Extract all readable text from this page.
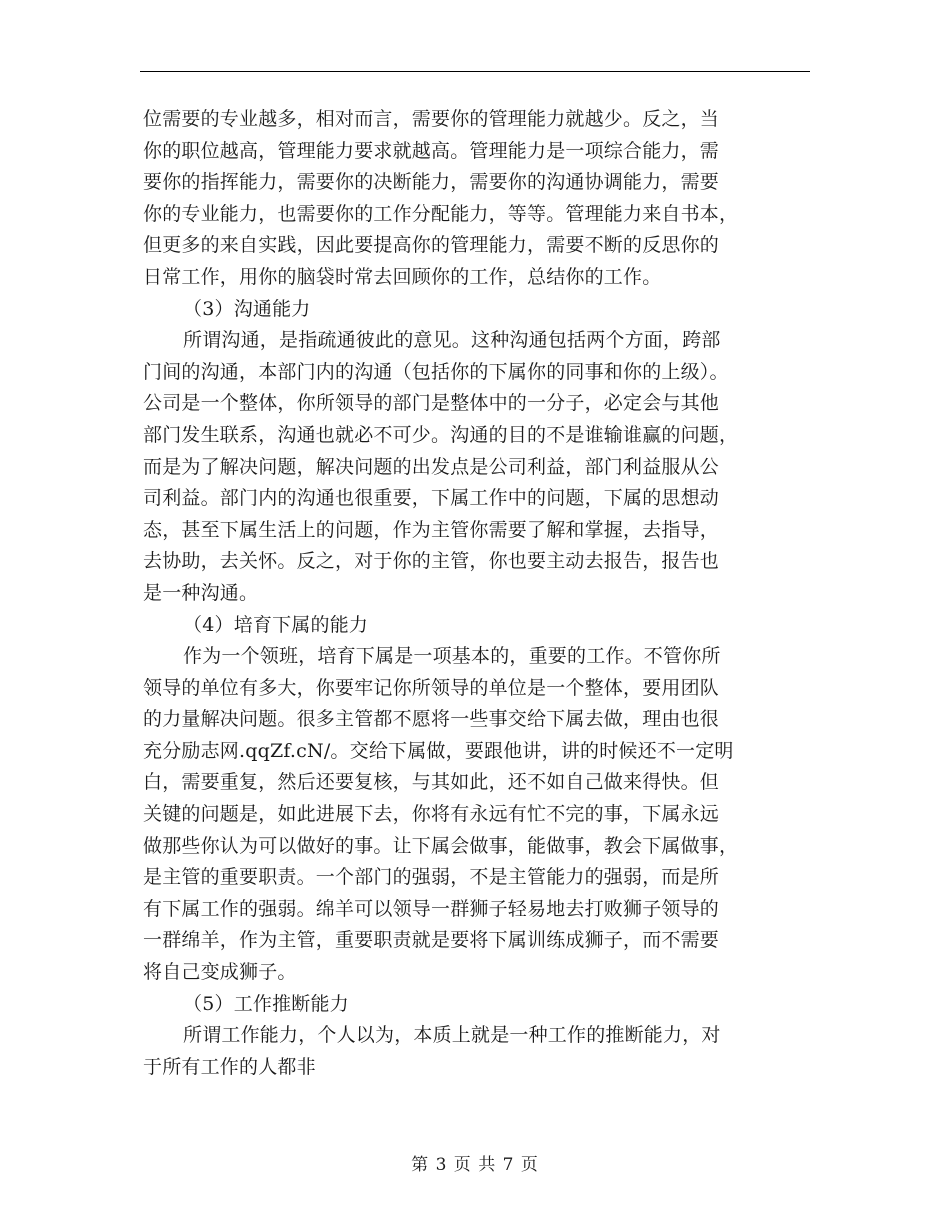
位需要的专业越多，相对而言，需要你的管理能力就越少。反之，当
你的职位越高，管理能力要求就越高。管理能力是一项综合能力，需
要你的指挥能力，需要你的决断能力，需要你的沟通协调能力，需要
你的专业能力，也需要你的工作分配能力，等等。管理能力来自书本，
但更多的来自实践，因此要提高你的管理能力，需要不断的反思你的
日常工作，用你的脑袋时常去回顾你的工作，总结你的工作。
（3）沟通能力
所谓沟通，是指疏通彼此的意见。这种沟通包括两个方面，跨部
门间的沟通，本部门内的沟通（包括你的下属你的同事和你的上级）。
公司是一个整体，你所领导的部门是整体中的一分子，必定会与其他
部门发生联系，沟通也就必不可少。沟通的目的不是谁输谁赢的问题，
而是为了解决问题，解决问题的出发点是公司利益，部门利益服从公
司利益。部门内的沟通也很重要，下属工作中的问题，下属的思想动
态，甚至下属生活上的问题，作为主管你需要了解和掌握，去指导，
去协助，去关怀。反之，对于你的主管，你也要主动去报告，报告也
是一种沟通。
（4）培育下属的能力
作为一个领班，培育下属是一项基本的，重要的工作。不管你所
领导的单位有多大，你要牢记你所领导的单位是一个整体，要用团队
的力量解决问题。很多主管都不愿将一些事交给下属去做，理由也很
充分励志网.qqZf.cN/。交给下属做，要跟他讲，讲的时候还不一定明
白，需要重复，然后还要复核，与其如此，还不如自己做来得快。但
关键的问题是，如此进展下去，你将有永远有忙不完的事，下属永远
做那些你认为可以做好的事。让下属会做事，能做事，教会下属做事，
是主管的重要职责。一个部门的强弱，不是主管能力的强弱，而是所
有下属工作的强弱。绵羊可以领导一群狮子轻易地去打败狮子领导的
一群绵羊，作为主管，重要职责就是要将下属训练成狮子，而不需要
将自己变成狮子。
（5）工作推断能力
所谓工作能力，个人以为，本质上就是一种工作的推断能力，对
于所有工作的人都非
第 3 页 共 7 页
